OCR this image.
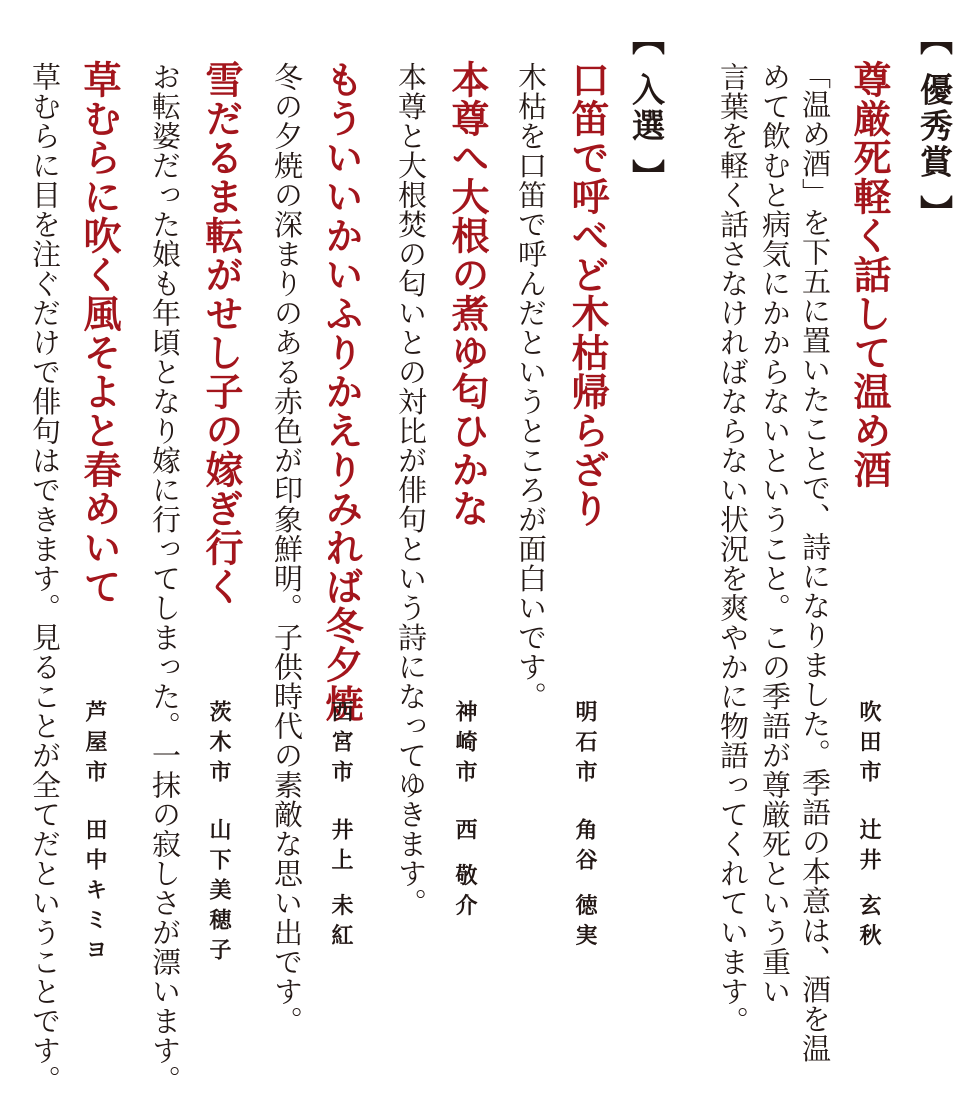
【 優秀賞 】
尊厳死軽く話して温め酒
吹田市辻井 玄秋
「温め酒」を下五に置いたことで、詩になりました。季語の本意は、酒を温
めて飲むと病気にかからないということ。この季語が尊厳死という重い
言葉を軽く話さなければならない状況を爽やかに物語ってくれています。
【 入選 】
口笛で呼べど木枯帰らざり
明石市角谷 徳実
木枯を口笛で呼んだというところが面白いです。
本尊へ大根の煮ゆ匂ひかな
神崎市西 敬介
本尊と大根焚の匂いとの対比が俳句という詩になってゆきます。
もういいかいふりかえりみれば冬夕焼
西宮市井上 未紅
冬の夕焼の深まりのある赤色が印象鮮明。子供時代の素敵な思い出です。
雪だるま転がせし子の嫁ぎ行く
茨木市山下美穂子
お転婆だった娘も年頃となり嫁に行ってしまった。一抹の寂しさが漂います。
草むらに吹く風そよと春めいて
芦屋市田中キミヨ
草むらに目を注ぐだけで俳句はできます。見ることが全てだということです。
